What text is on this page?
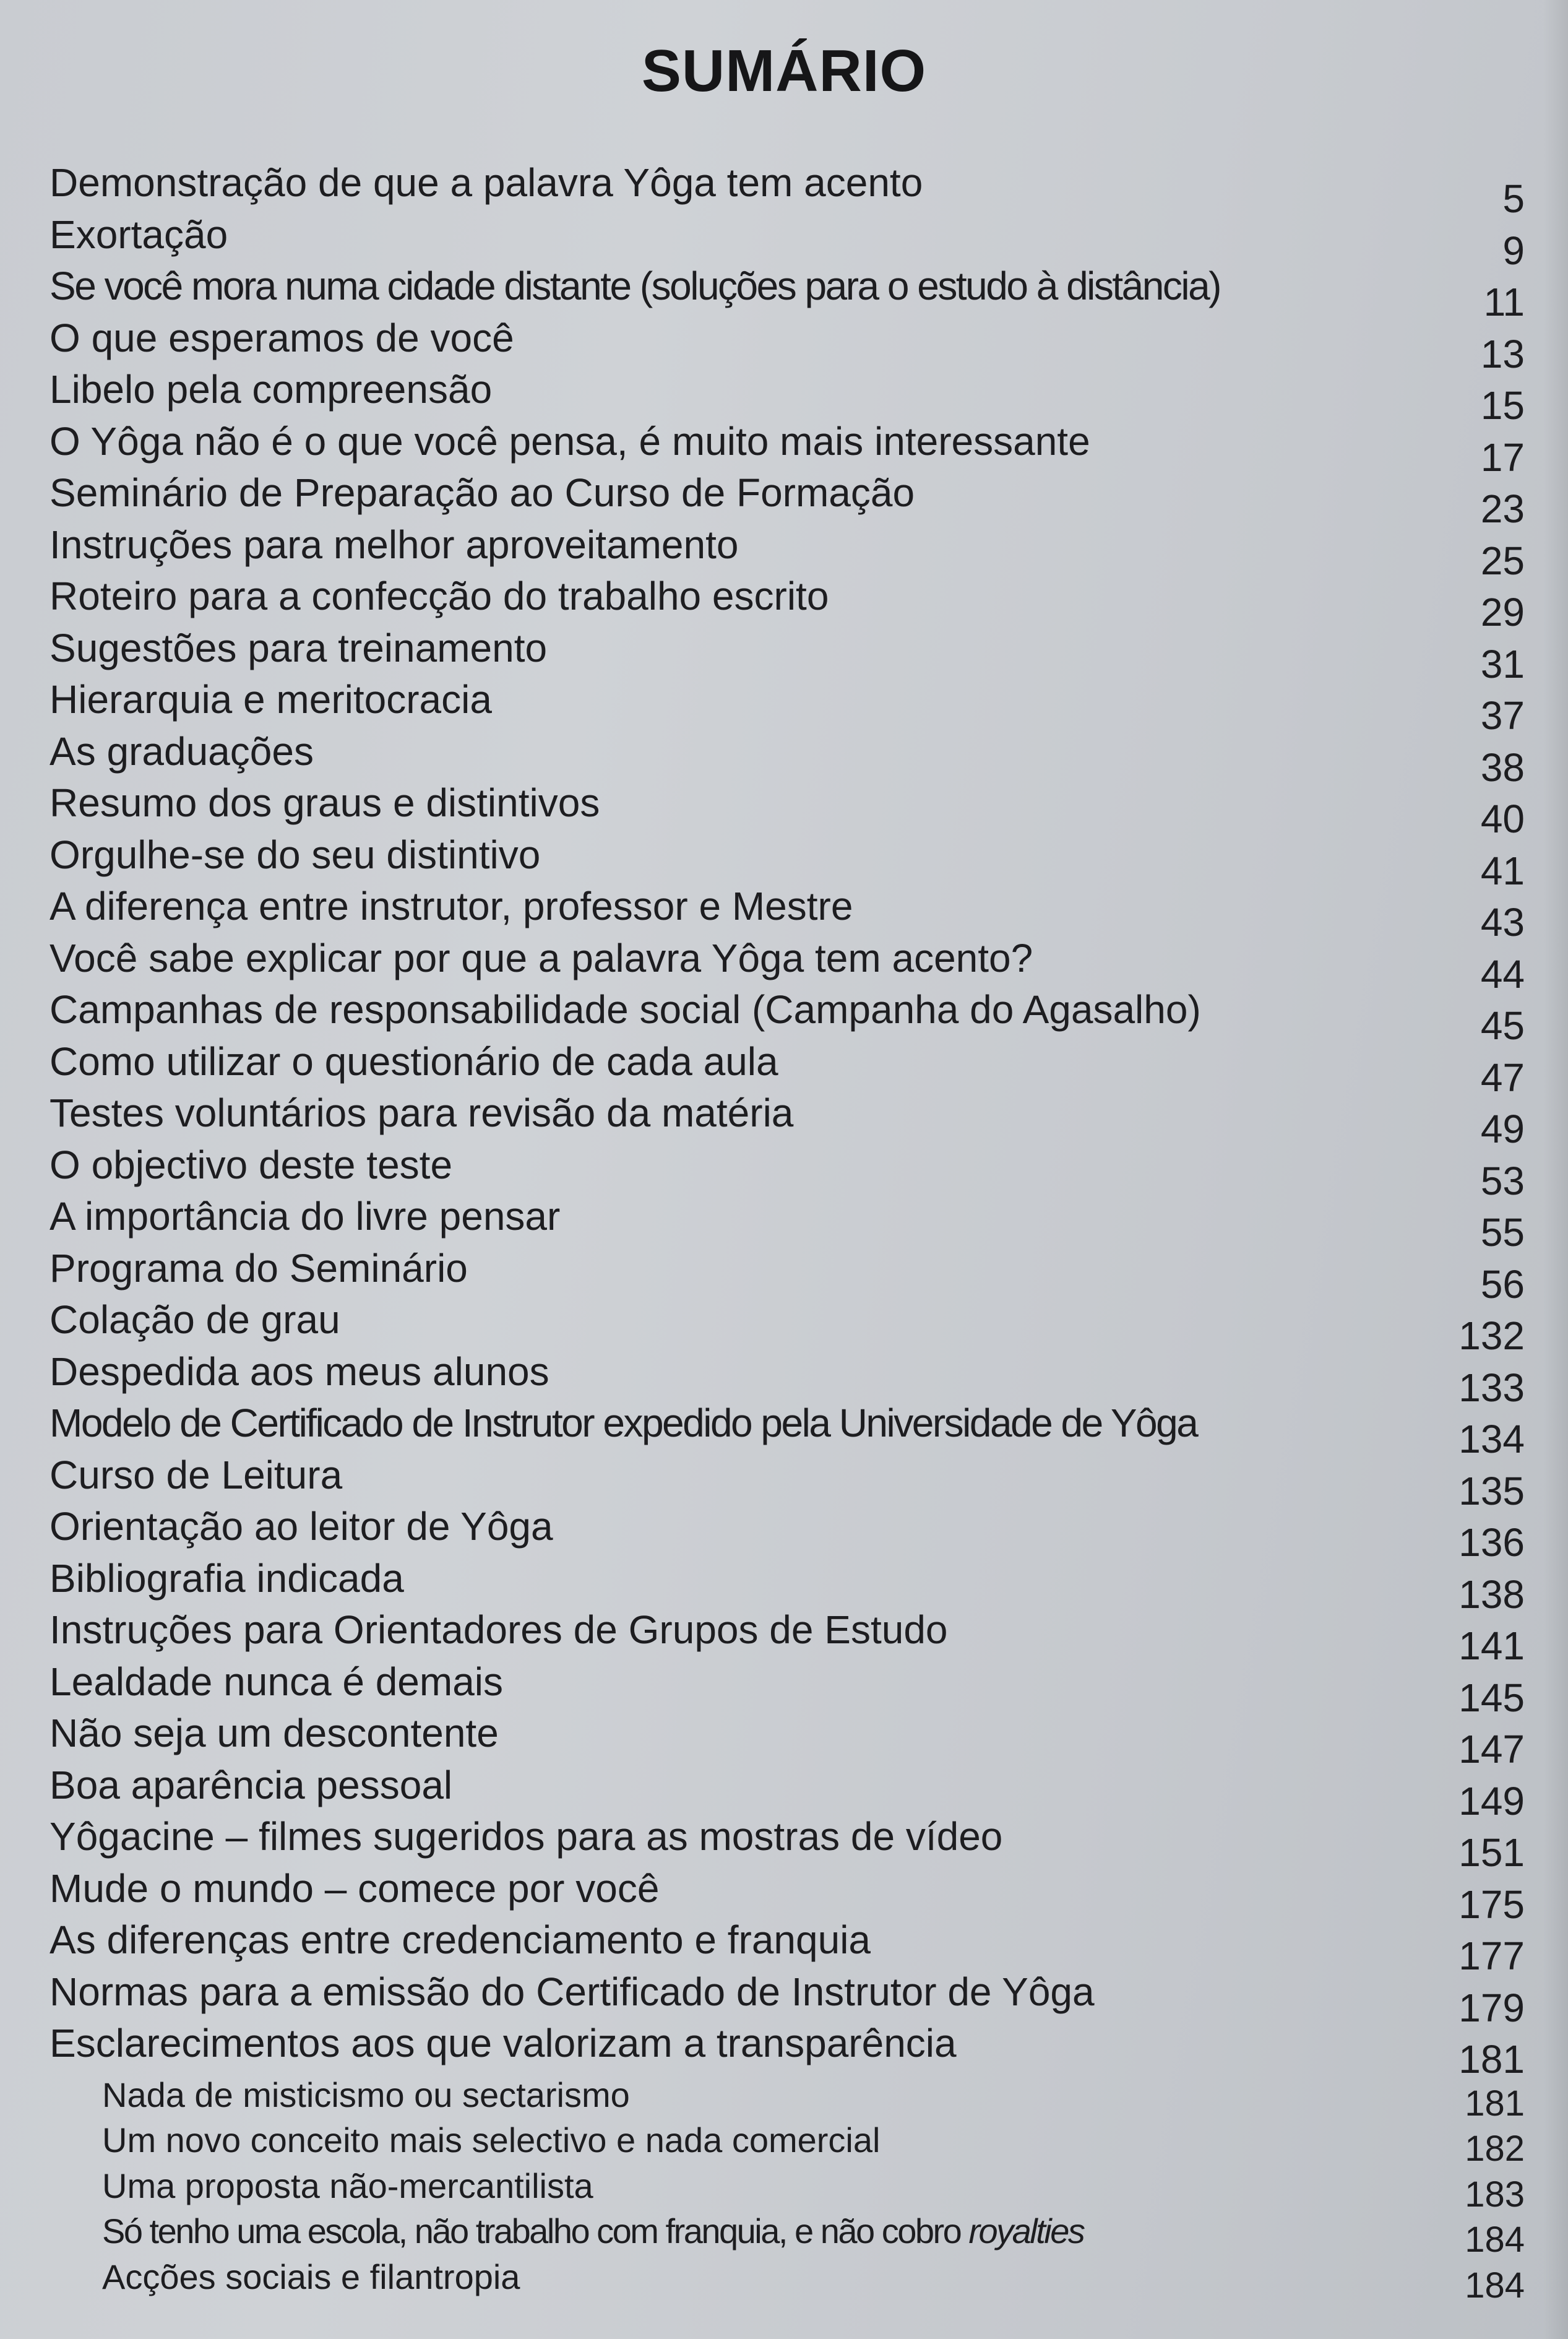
SUMÁRIO
Demonstração de que a palavra Yôga tem acento	5
Exortação	9
Se você mora numa cidade distante (soluções para o estudo à distância)	11
O que esperamos de você	13
Libelo pela compreensão	15
O Yôga não é o que você pensa, é muito mais interessante	17
Seminário de Preparação ao Curso de Formação	23
Instruções para melhor aproveitamento	25
Roteiro para a confecção do trabalho escrito	29
Sugestões para treinamento	31
Hierarquia e meritocracia	37
As graduações	38
Resumo dos graus e distintivos	40
Orgulhe-se do seu distintivo	41
A diferença entre instrutor, professor e Mestre	43
Você sabe explicar por que a palavra Yôga tem acento?	44
Campanhas de responsabilidade social (Campanha do Agasalho)	45
Como utilizar o questionário de cada aula	47
Testes voluntários para revisão da matéria	49
O objectivo deste teste	53
A importância do livre pensar	55
Programa do Seminário	56
Colação de grau	132
Despedida aos meus alunos	133
Modelo de Certificado de Instrutor expedido pela Universidade de Yôga	134
Curso de Leitura	135
Orientação ao leitor de Yôga	136
Bibliografia indicada	138
Instruções para Orientadores de Grupos de Estudo	141
Lealdade nunca é demais	145
Não seja um descontente	147
Boa aparência pessoal	149
Yôgacine – filmes sugeridos para as mostras de vídeo	151
Mude o mundo – comece por você	175
As diferenças entre credenciamento e franquia	177
Normas para a emissão do Certificado de Instrutor de Yôga	179
Esclarecimentos aos que valorizam a transparência	181
Nada de misticismo ou sectarismo	181
Um novo conceito mais selectivo e nada comercial	182
Uma proposta não-mercantilista	183
Só tenho uma escola, não trabalho com franquia, e não cobro royalties	184
Acções sociais e filantropia	184
